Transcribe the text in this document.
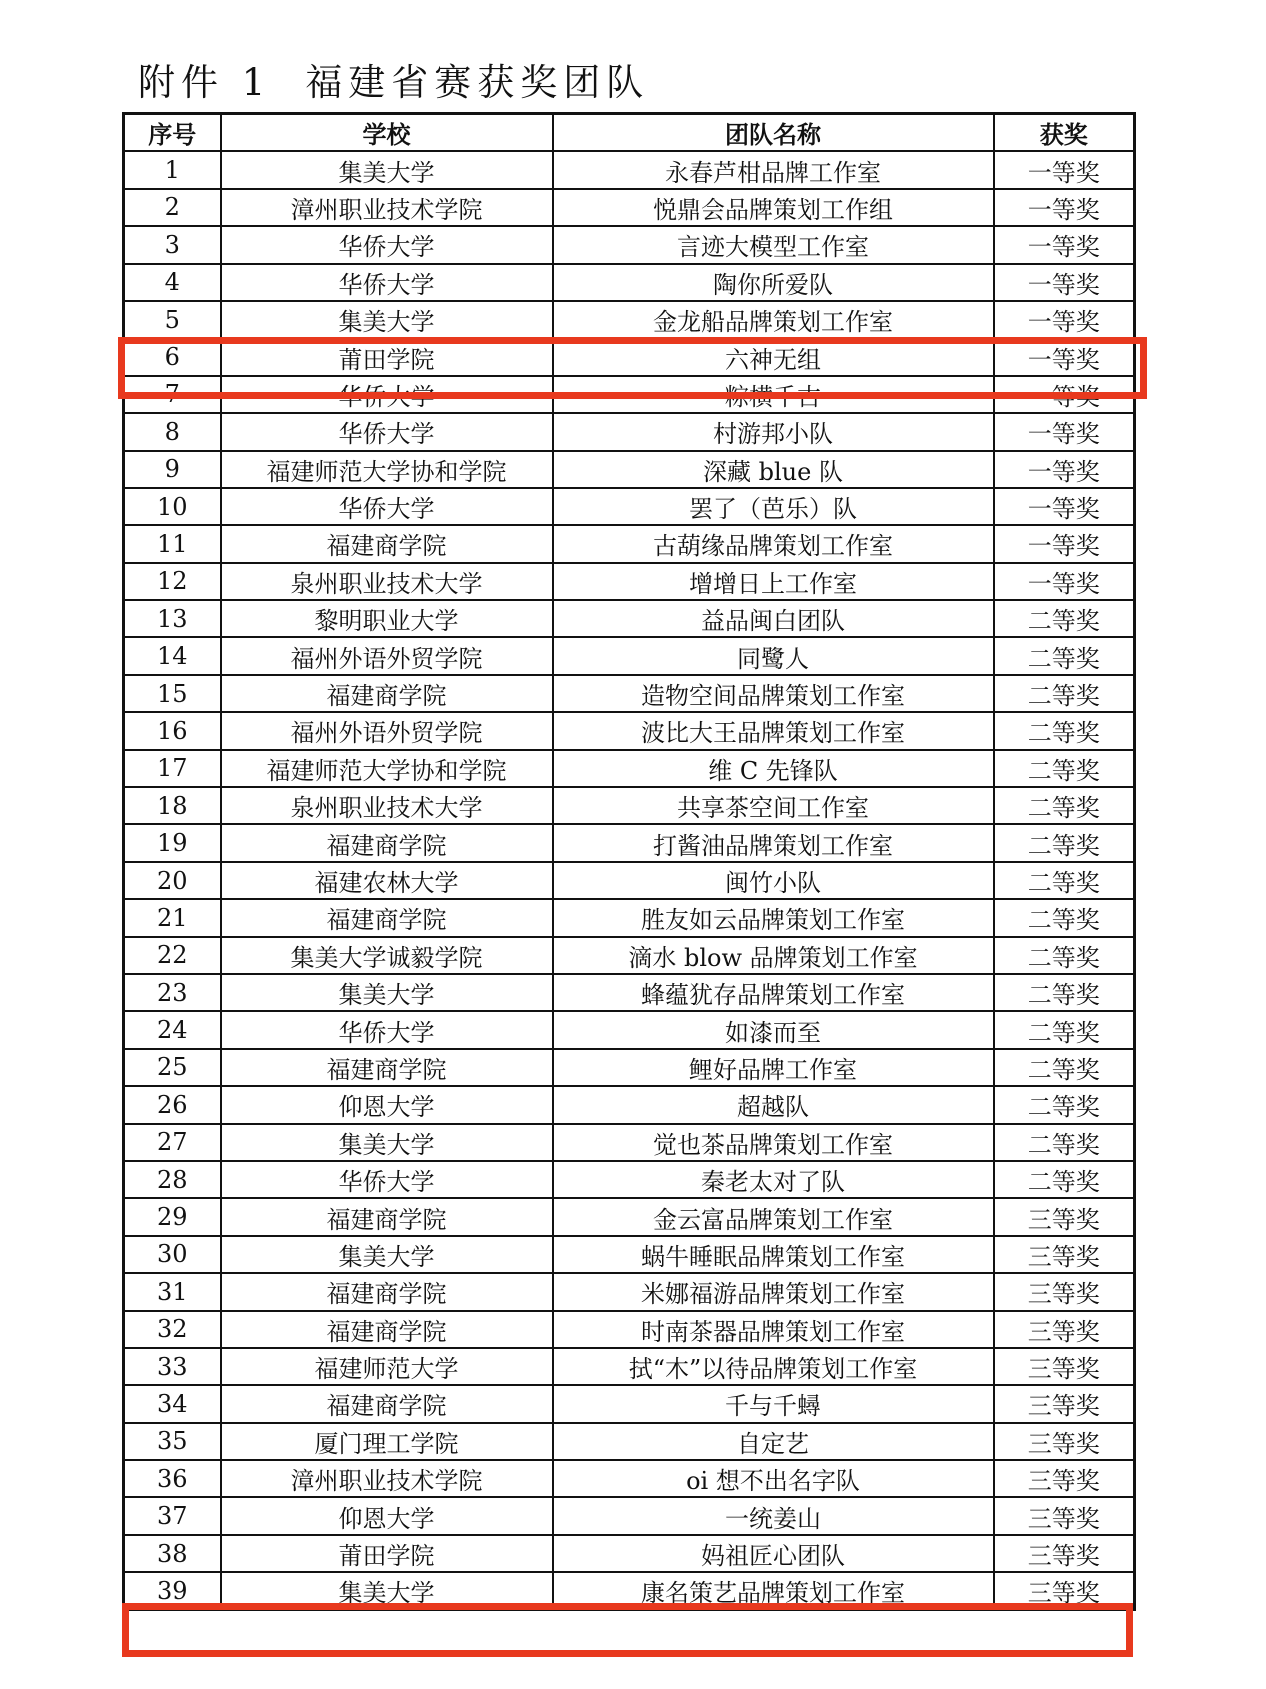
附件 1 福建省赛获奖团队
序号	学校	团队名称	获奖
1	集美大学	永春芦柑品牌工作室	一等奖
2	漳州职业技术学院	悦鼎会品牌策划工作组	一等奖
3	华侨大学	言迹大模型工作室	一等奖
4	华侨大学	陶你所爱队	一等奖
5	集美大学	金龙船品牌策划工作室	一等奖
6	莆田学院	六神无组	一等奖
7	华侨大学	粽横千古	一等奖
8	华侨大学	村游邦小队	一等奖
9	福建师范大学协和学院	深藏 blue 队	一等奖
10	华侨大学	罢了（芭乐）队	一等奖
11	福建商学院	古葫缘品牌策划工作室	一等奖
12	泉州职业技术大学	增增日上工作室	一等奖
13	黎明职业大学	益品闽白团队	二等奖
14	福州外语外贸学院	同鹭人	二等奖
15	福建商学院	造物空间品牌策划工作室	二等奖
16	福州外语外贸学院	波比大王品牌策划工作室	二等奖
17	福建师范大学协和学院	维 C 先锋队	二等奖
18	泉州职业技术大学	共享茶空间工作室	二等奖
19	福建商学院	打酱油品牌策划工作室	二等奖
20	福建农林大学	闽竹小队	二等奖
21	福建商学院	胜友如云品牌策划工作室	二等奖
22	集美大学诚毅学院	滴水 blow 品牌策划工作室	二等奖
23	集美大学	蜂蕴犹存品牌策划工作室	二等奖
24	华侨大学	如漆而至	二等奖
25	福建商学院	鲤好品牌工作室	二等奖
26	仰恩大学	超越队	二等奖
27	集美大学	觉也茶品牌策划工作室	二等奖
28	华侨大学	秦老太对了队	二等奖
29	福建商学院	金云富品牌策划工作室	三等奖
30	集美大学	蜗牛睡眠品牌策划工作室	三等奖
31	福建商学院	米娜福游品牌策划工作室	三等奖
32	福建商学院	时南茶器品牌策划工作室	三等奖
33	福建师范大学	拭“木”以待品牌策划工作室	三等奖
34	福建商学院	千与千蟳	三等奖
35	厦门理工学院	自定艺	三等奖
36	漳州职业技术学院	oi 想不出名字队	三等奖
37	仰恩大学	一统姜山	三等奖
38	莆田学院	妈祖匠心团队	三等奖
39	集美大学	康名策艺品牌策划工作室	三等奖
